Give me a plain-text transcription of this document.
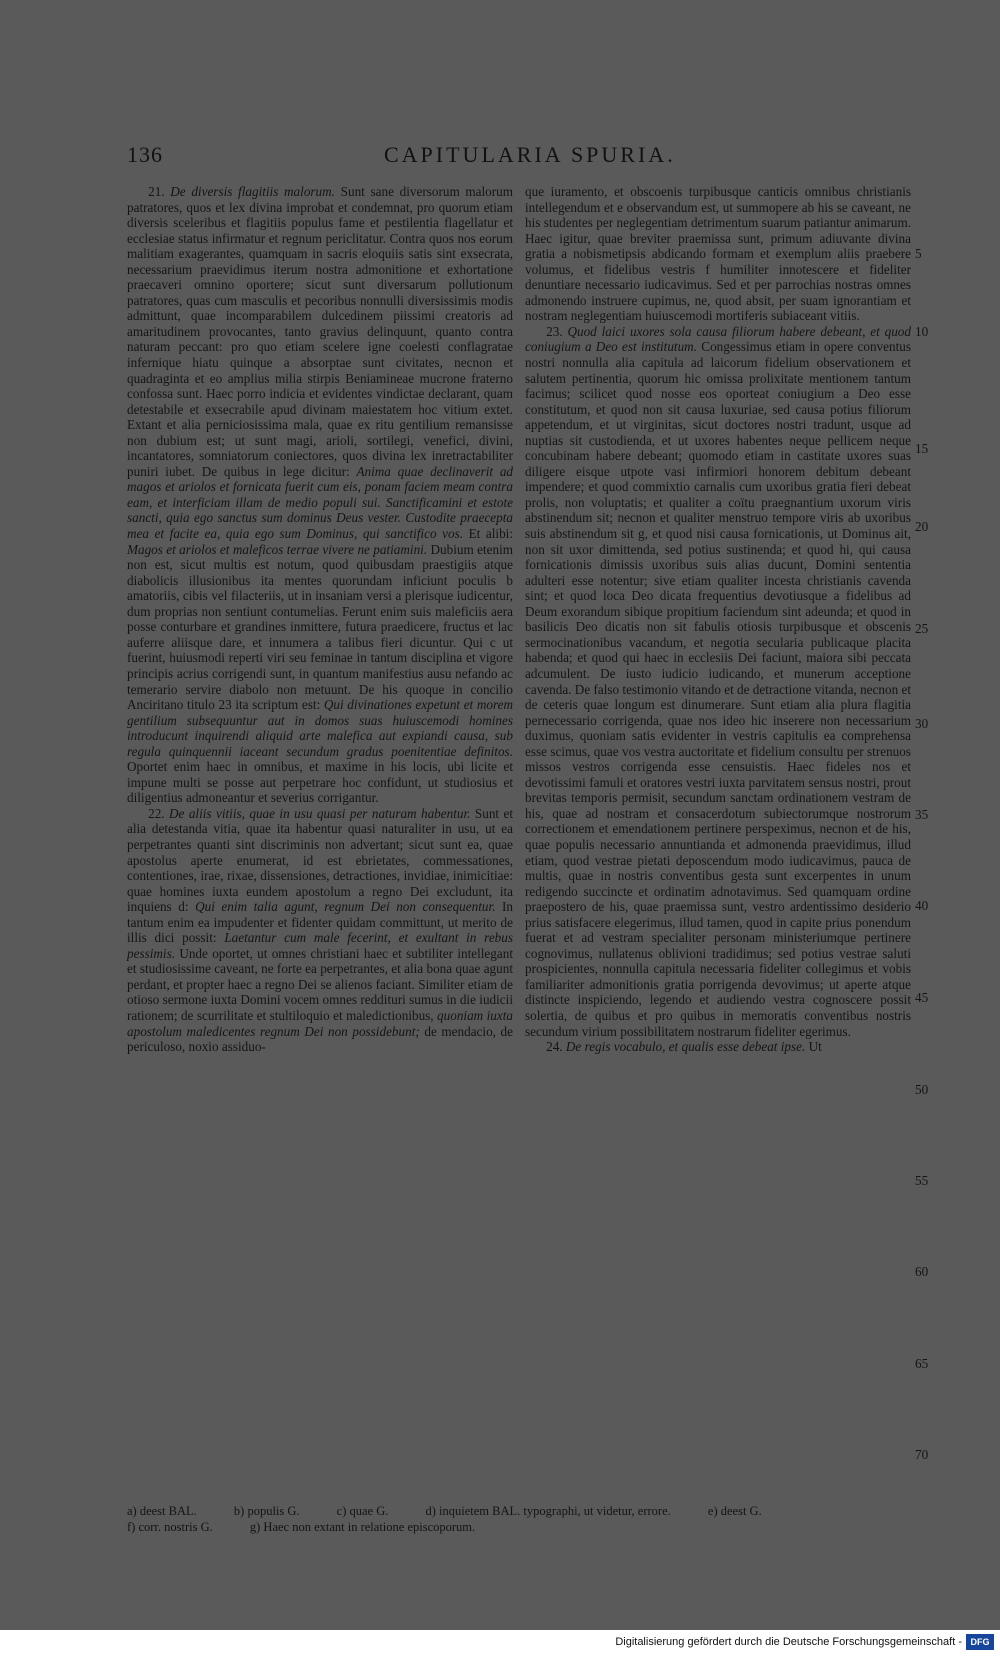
136	CAPITULARIA SPURIA.

21. De diversis flagitiis malorum. Sunt sane diversorum malorum patratores, quos et lex divina improbat et condemnat, pro quorum etiam diversis sceleribus et flagitiis populus fame et pestilentia flagellatur et ecclesiae status infirmatur et regnum periclitatur. Contra quos nos eorum malitiam exagerantes, quamquam in sacris eloquiis satis sint exsecrata, necessarium praevidimus iterum nostra admonitione et exhortatione praecaveri omnino oportere; sicut sunt diversarum pollutionum patratores, quas cum masculis et pecoribus nonnulli diversissimis modis admittunt, quae incomparabilem dulcedinem piissimi creatoris ad amaritudinem provocantes, tanto gravius delinquunt, quanto contra naturam peccant: pro quo etiam scelere igne coelesti conflagratae infernique hiatu quinque a absorptae sunt civitates, necnon et quadraginta et eo amplius milia stirpis Beniamineae mucrone fraterno confossa sunt. Haec porro indicia et evidentes vindictae declarant, quam detestabile et exsecrabile apud divinam maiestatem hoc vitium extet. Extant et alia perniciosissima mala, quae ex ritu gentilium remansisse non dubium est; ut sunt magi, arioli, sortilegi, venefici, divini, incantatores, somniatorum coniectores, quos divina lex inretractabiliter puniri iubet. De quibus in lege dicitur: Anima quae declinaverit ad magos et ariolos et fornicata fuerit cum eis, ponam faciem meam contra eam, et interficiam illam de medio populi sui. Sanctificamini et estote sancti, quia ego sanctus sum dominus Deus vester. Custodite praecepta mea et facite ea, quia ego sum Dominus, qui sanctifico vos. Et alibi: Magos et ariolos et maleficos terrae vivere ne patiamini. Dubium etenim non est, sicut multis est notum, quod quibusdam praestigiis atque diabolicis illusionibus ita mentes quorundam inficiunt poculis b amatoriis, cibis vel filacteriis, ut in insaniam versi a plerisque iudicentur, dum proprias non sentiunt contumelias. Ferunt enim suis maleficiis aera posse conturbare et grandines inmittere, futura praedicere, fructus et lac auferre aliisque dare, et innumera a talibus fieri dicuntur. Qui c ut fuerint, huiusmodi reperti viri seu feminae in tantum disciplina et vigore principis acrius corrigendi sunt, in quantum manifestius ausu nefando ac temerario servire diabolo non metuunt. De his quoque in concilio Anciritano titulo 23 ita scriptum est: Qui divinationes expetunt et morem gentilium subsequuntur aut in domos suas huiuscemodi homines introducunt inquirendi aliquid arte malefica aut expiandi causa, sub regula quinquennii iaceant secundum gradus poenitentiae definitos. Oportet enim haec in omnibus, et maxime in his locis, ubi licite et impune multi se posse aut perpetrare hoc confidunt, ut studiosius et diligentius admoneantur et severius corrigantur.

22. De aliis vitiis, quae in usu quasi per naturam habentur. Sunt et alia detestanda vitia, quae ita habentur quasi naturaliter in usu, ut ea perpetrantes quanti sint discriminis non advertant; sicut sunt ea, quae apostolus aperte enumerat, id est ebrietates, commessationes, contentiones, irae, rixae, dissensiones, detractiones, invidiae, inimicitiae: quae homines iuxta eundem apostolum a regno Dei excludunt, ita inquiens d: Qui enim talia agunt, regnum Dei non consequentur. In tantum enim ea impudenter et fidenter quidam committunt, ut merito de illis dici possit: Laetantur cum male fecerint, et exultant in rebus pessimis. Unde oportet, ut omnes christiani haec et subtiliter intellegant et studiosissime caveant, ne forte ea perpetrantes, et alia bona quae agunt perdant, et propter haec a regno Dei se alienos faciant. Similiter etiam de otioso sermone iuxta Domini vocem omnes reddituri sumus in die iudicii rationem; de scurrilitate et stultiloquio et maledictionibus, quoniam iuxta apostolum maledicentes regnum Dei non possidebunt; de mendacio, de periculoso, noxio assiduo-

que iuramento, et obscoenis turpibusque canticis omnibus christianis intellegendum et e observandum est, ut summopere ab his se caveant, ne his studentes per neglegentiam detrimentum suarum patiantur animarum. Haec igitur, quae breviter praemissa sunt, primum adiuvante divina gratia a nobismetipsis abdicando formam et exemplum aliis praebere volumus, et fidelibus vestris f humiliter innotescere et fideliter denuntiare necessario iudicavimus. Sed et per parrochias nostras omnes admonendo instruere cupimus, ne, quod absit, per suam ignorantiam et nostram neglegentiam huiuscemodi mortiferis subiaceant vitiis.

23. Quod laici uxores sola causa filiorum habere debeant, et quod coniugium a Deo est institutum. Congessimus etiam in opere conventus nostri nonnulla alia capitula ad laicorum fidelium observationem et salutem pertinentia, quorum hic omissa prolixitate mentionem tantum facimus; scilicet quod nosse eos oporteat coniugium a Deo esse constitutum, et quod non sit causa luxuriae, sed causa potius filiorum appetendum, et ut virginitas, sicut doctores nostri tradunt, usque ad nuptias sit custodienda, et ut uxores habentes neque pellicem neque concubinam habere debeant; quomodo etiam in castitate uxores suas diligere eisque utpote vasi infirmiori honorem debitum debeant impendere; et quod commixtio carnalis cum uxoribus gratia fieri debeat prolis, non voluptatis; et qualiter a coïtu praegnantium uxorum viris abstinendum sit; necnon et qualiter menstruo tempore viris ab uxoribus suis abstinendum sit g, et quod nisi causa fornicationis, ut Dominus ait, non sit uxor dimittenda, sed potius sustinenda; et quod hi, qui causa fornicationis dimissis uxoribus suis alias ducunt, Domini sententia adulteri esse notentur; sive etiam qualiter incesta christianis cavenda sint; et quod loca Deo dicata frequentius devotiusque a fidelibus ad Deum exorandum sibique propitium faciendum sint adeunda; et quod in basilicis Deo dicatis non sit fabulis otiosis turpibusque et obscenis sermocinationibus vacandum, et negotia secularia publicaque placita habenda; et quod qui haec in ecclesiis Dei faciunt, maiora sibi peccata adcumulent. De iusto iudicio iudicando, et munerum acceptione cavenda. De falso testimonio vitando et de detractione vitanda, necnon et de ceteris quae longum est dinumerare. Sunt etiam alia plura flagitia pernecessario corrigenda, quae nos ideo hic inserere non necessarium duximus, quoniam satis evidenter in vestris capitulis ea comprehensa esse scimus, quae vos vestra auctoritate et fidelium consultu per strenuos missos vestros corrigenda esse censuistis. Haec fideles nos et devotissimi famuli et oratores vestri iuxta parvitatem sensus nostri, prout brevitas temporis permisit, secundum sanctam ordinationem vestram de his, quae ad nostram et consacerdotum subiectorumque nostrorum correctionem et emendationem pertinere perspeximus, necnon et de his, quae populis necessario annuntianda et admonenda praevidimus, illud etiam, quod vestrae pietati deposcendum modo iudicavimus, pauca de multis, quae in nostris conventibus gesta sunt excerpentes in unum redigendo succincte et ordinatim adnotavimus. Sed quamquam ordine praepostero de his, quae praemissa sunt, vestro ardentissimo desiderio prius satisfacere elegerimus, illud tamen, quod in capite prius ponendum fuerat et ad vestram specialiter personam ministeriumque pertinere cognovimus, nullatenus oblivioni tradidimus; sed potius vestrae saluti prospicientes, nonnulla capitula necessaria fideliter collegimus et vobis familiariter admonitionis gratia porrigenda devovimus; ut aperte atque distincte inspiciendo, legendo et audiendo vestra cognoscere possit solertia, de quibus et pro quibus in memoratis conventibus nostris secundum virium possibilitatem nostrarum fideliter egerimus.

24. De regis vocabulo, et qualis esse debeat ipse. Ut

5
10
15
20
25
30
35
40
45
50
55
60
65
70
a) deest BAL.	b) populis G.	c) quae G.	d) inquietem BAL. typographi, ut videtur, errore.	e) deest G.
f) corr. nostris G.	g) Haec non extant in relatione episcoporum.
Digitalisierung gefördert durch die Deutsche Forschungsgemeinschaft - DFG
